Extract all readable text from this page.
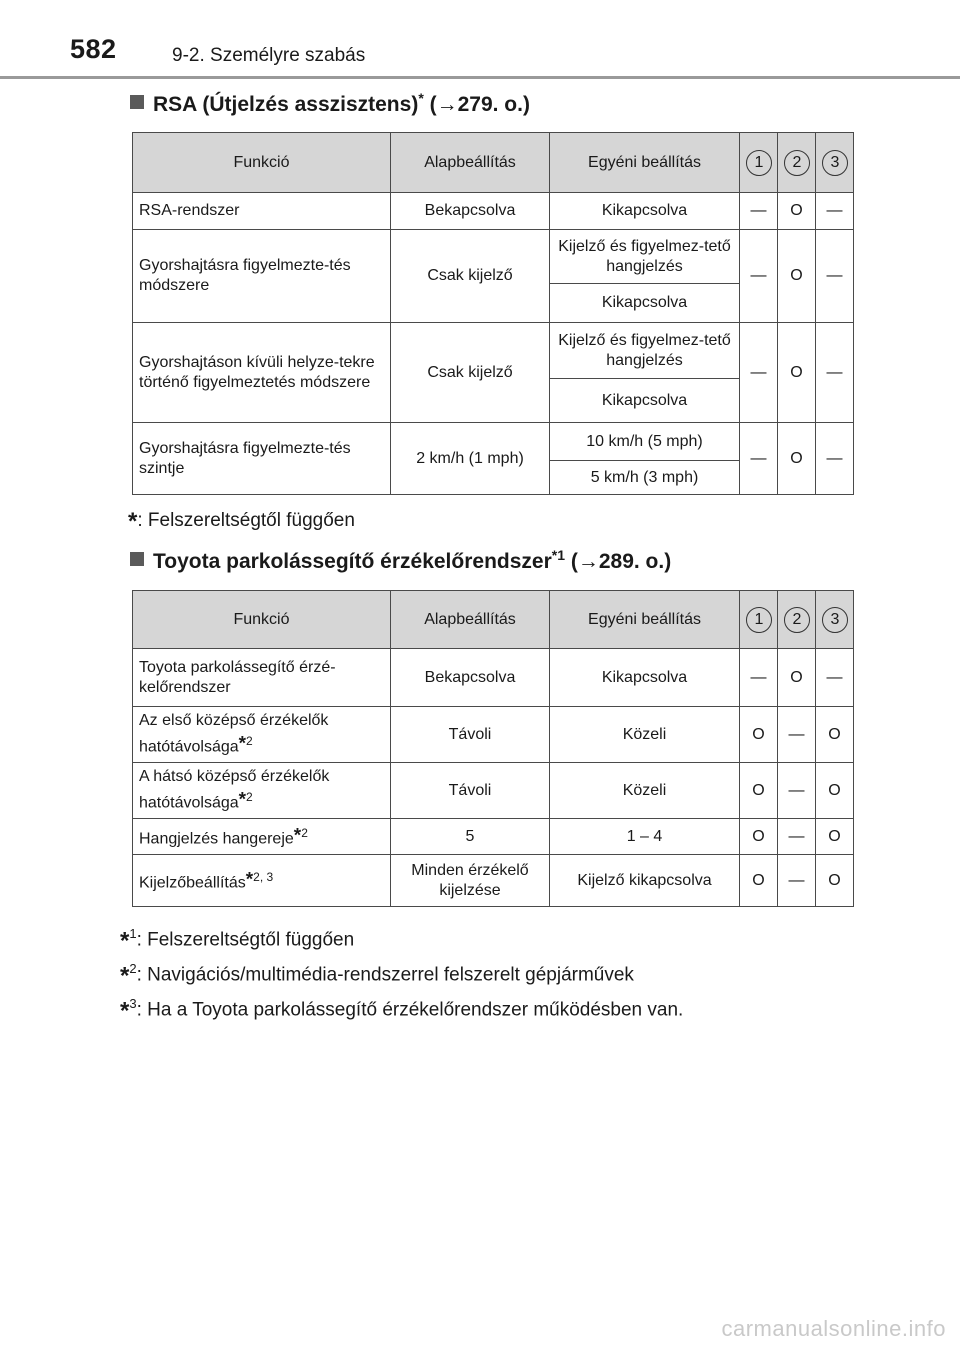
582	9-2. Személyre szabás
RSA (Útjelzés asszisztens)* (→279. o.)
Funkció	Alapbeállítás	Egyéni beállítás	1	2	3
RSA-rendszer	Bekapcsolva	Kikapcsolva	—	O	—
Gyorshajtásra figyelmezte-tés módszere	Csak kijelző	Kijelző és figyelmez-tető hangjelzés	—	O	—
		Kikapcsolva			
Gyorshajtáson kívüli helyze-tekre történő figyelmeztetés módszere	Csak kijelző	Kijelző és figyelmez-tető hangjelzés	—	O	—
		Kikapcsolva			
Gyorshajtásra figyelmezte-tés szintje	2 km/h (1 mph)	10 km/h (5 mph)	—	O	—
		5 km/h (3 mph)			
*: Felszereltségtől függően
Toyota parkolássegítő érzékelőrendszer$^{*1}$ (→289. o.)
Funkció	Alapbeállítás	Egyéni beállítás	1	2	3
Toyota parkolássegítő érzé-kelőrendszer	Bekapcsolva	Kikapcsolva	—	O	—
Az első középső érzékelők hatótávolsága*$^2$	Távoli	Közeli	O	—	O
A hátsó középső érzékelők hatótávolsága*$^2$	Távoli	Közeli	O	—	O
Hangjelzés hangereje*$^2$	5	1 – 4	O	—	O
Kijelzőbeállítás*$^{2, 3}$	Minden érzékelő kijelzése	Kijelző kikapcsolva	O	—	O
*$^1$: Felszereltségtől függően
*$^2$: Navigációs/multimédia-rendszerrel felszerelt gépjárművek
*$^3$: Ha a Toyota parkolássegítő érzékelőrendszer működésben van.
carmanualsonline.info
